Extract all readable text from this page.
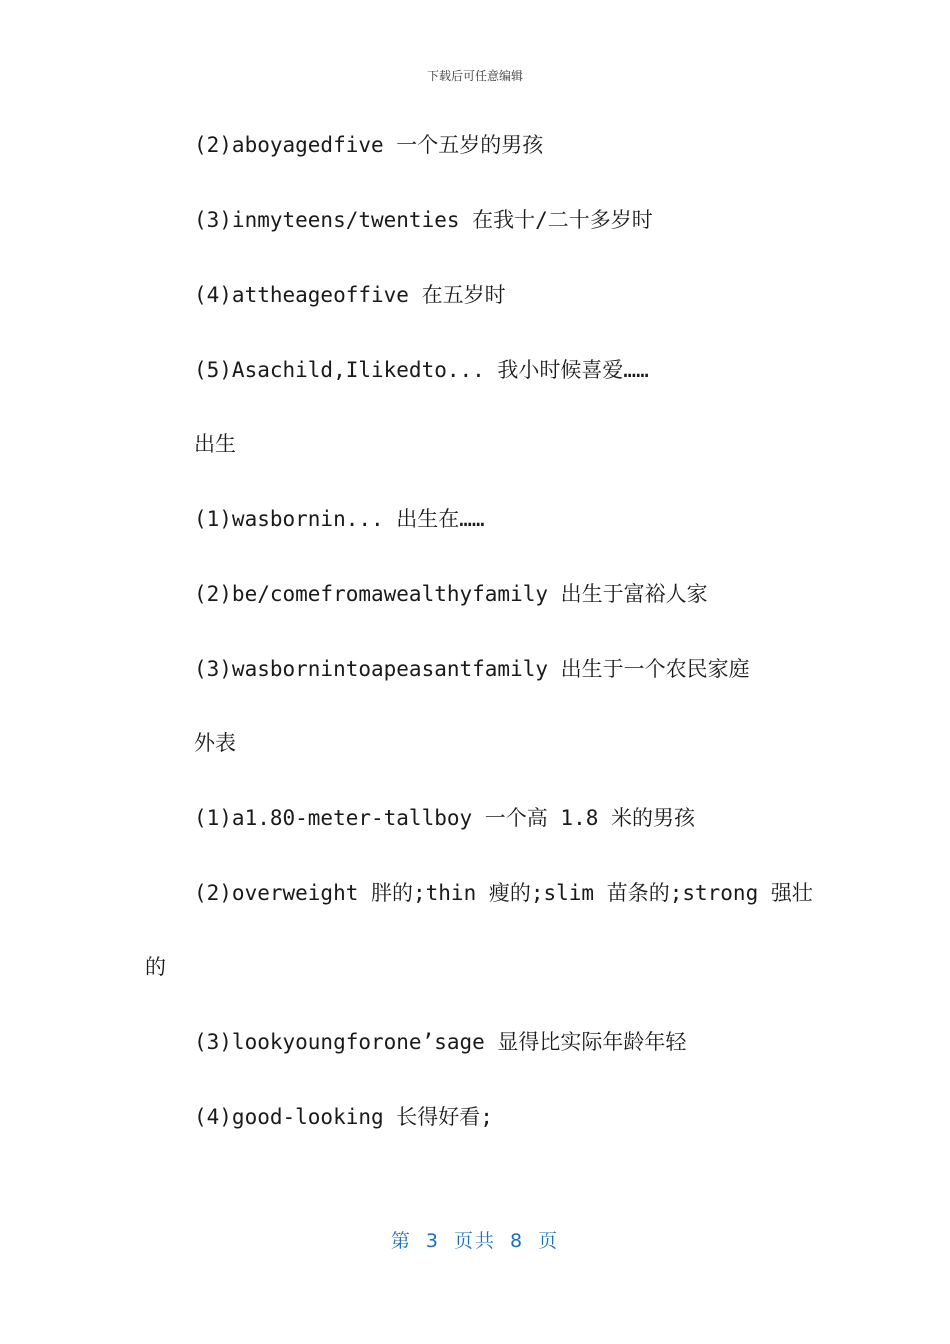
下载后可任意编辑
(2)aboyagedfive 一个五岁的男孩
(3)inmyteens/twenties 在我十/二十多岁时
(4)attheageoffive 在五岁时
(5)Asachild,Ilikedto... 我小时候喜爱……
出生
(1)wasbornin... 出生在……
(2)be/comefromawealthyfamily 出生于富裕人家
(3)wasbornintoapeasantfamily 出生于一个农民家庭
外表
(1)a1.80-meter-tallboy 一个高 1.8 米的男孩
(2)overweight 胖的;thin 瘦的;slim 苗条的;strong 强壮
的
(3)lookyoungforone’sage 显得比实际年龄年轻
(4)good-looking 长得好看;
第 3 页共 8 页
